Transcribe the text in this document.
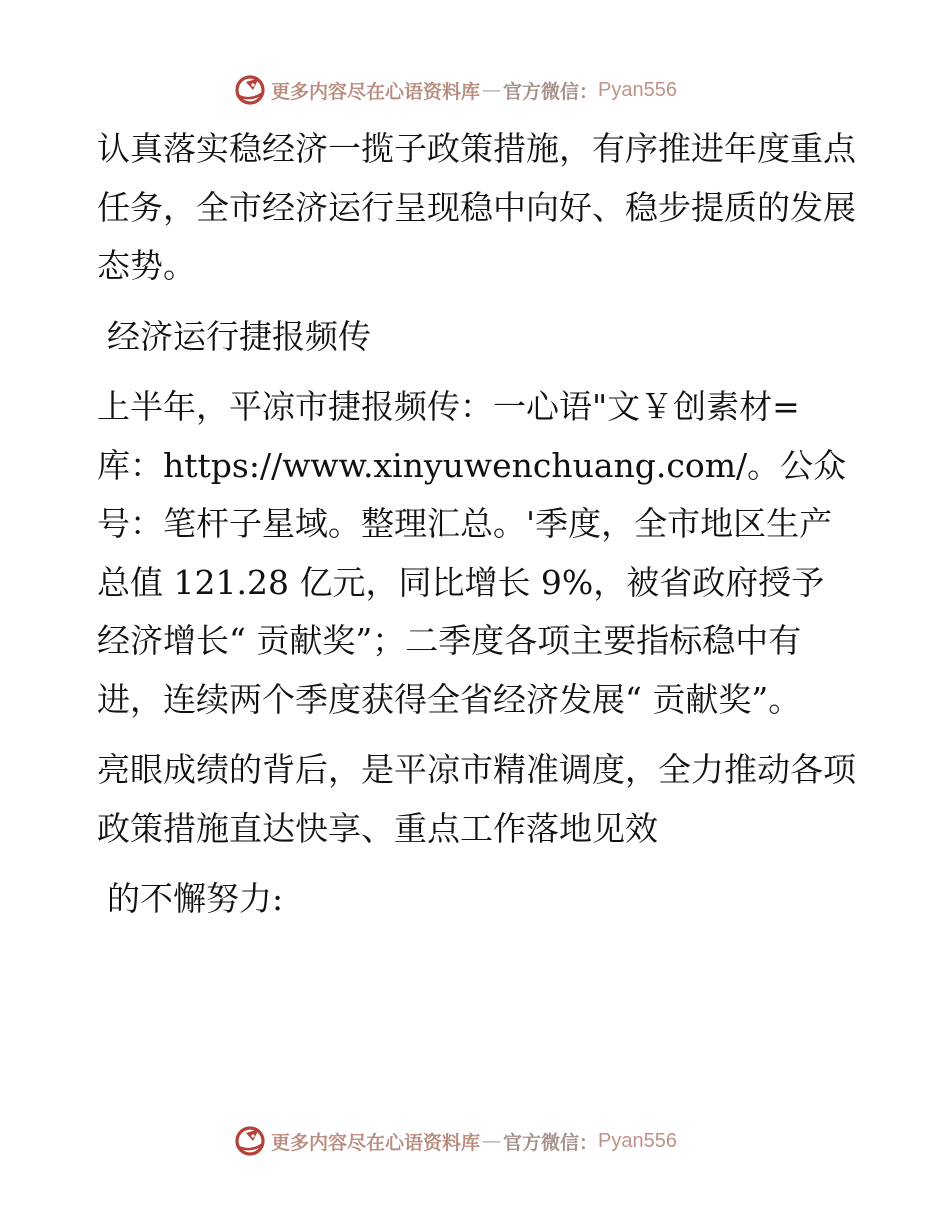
更多内容尽在心语资料库 — 官方微信： Pyan556

认真落实稳经济一揽子政策措施，有序推进年度重点任务，全市经济运行呈现稳中向好、稳步提质的发展态势。

经济运行捷报频传

上半年，平凉市捷报频传：一心语"文￥创素材=库：https://www.xinyuwenchuang.com/。公众号：笔杆子星域。整理汇总。'季度，全市地区生产总值 121.28 亿元，同比增长 9%，被省政府授予经济增长“ 贡献奖”；二季度各项主要指标稳中有进，连续两个季度获得全省经济发展“ 贡献奖”。

亮眼成绩的背后，是平凉市精准调度，全力推动各项政策措施直达快享、重点工作落地见效

的不懈努力:

更多内容尽在心语资料库 — 官方微信： Pyan556
